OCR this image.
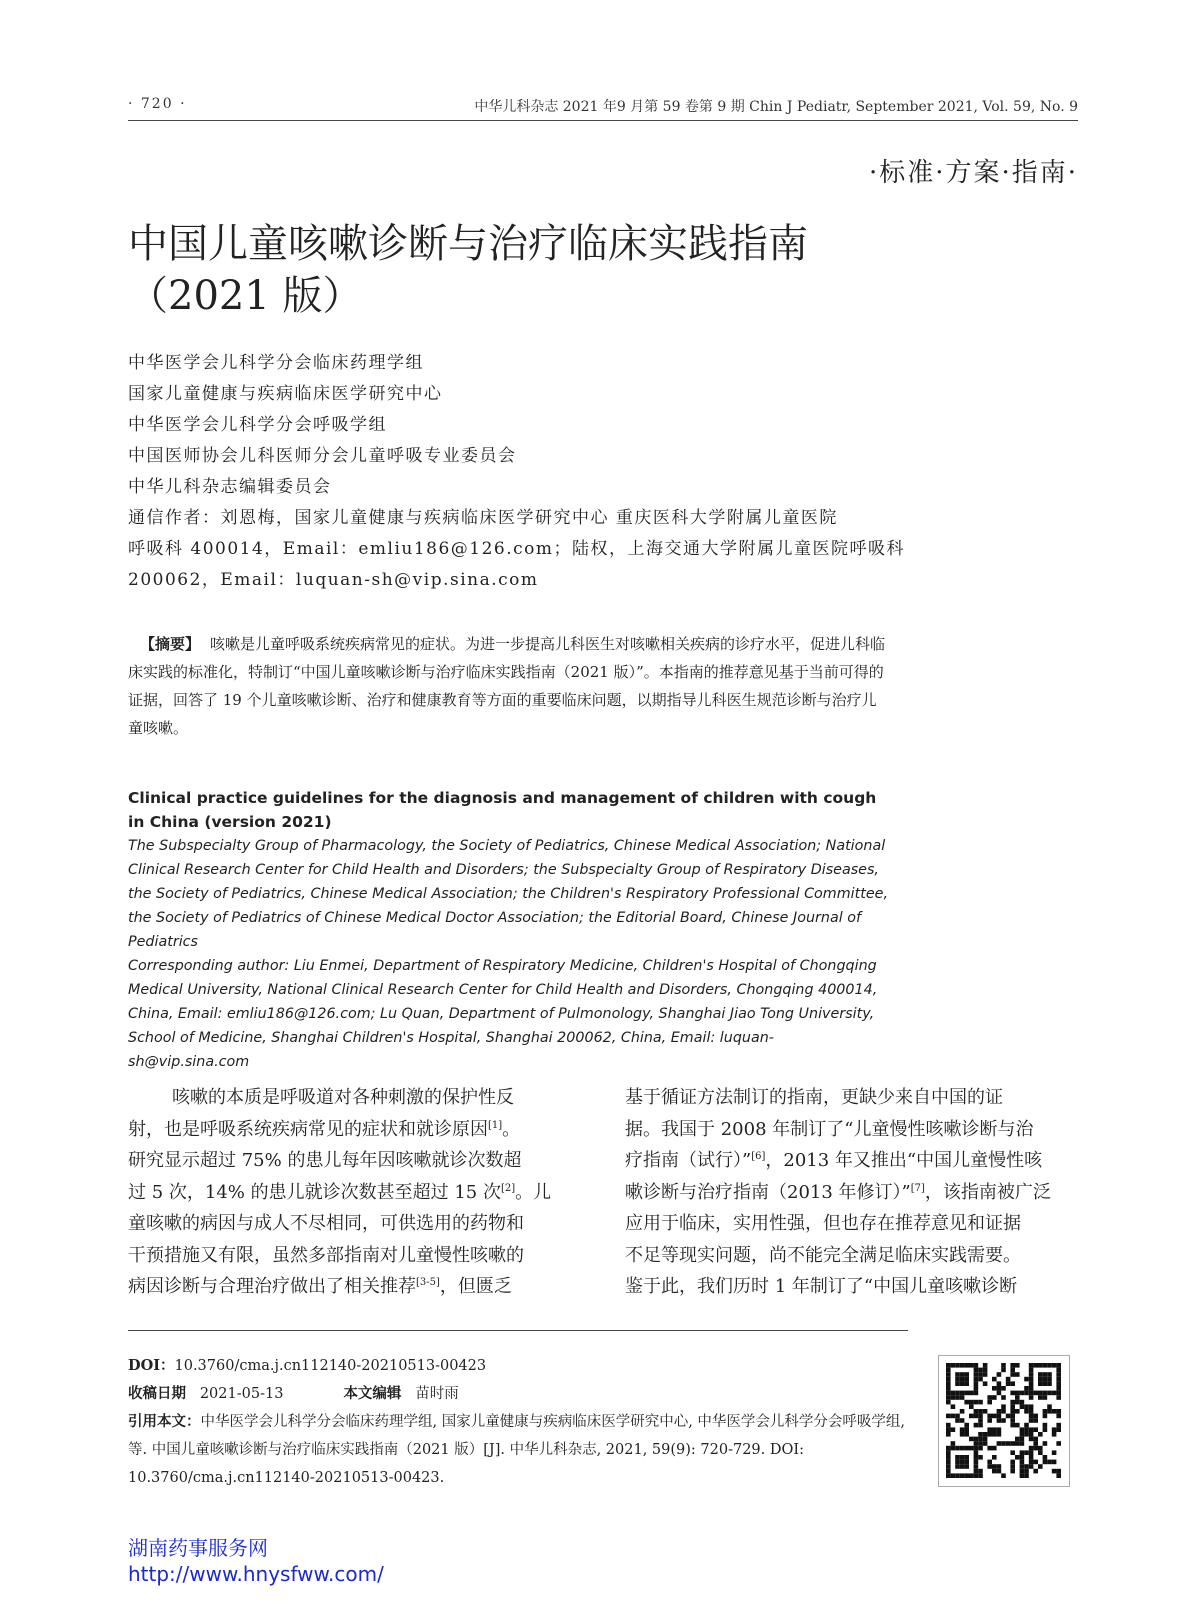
· 720 ·	中华儿科杂志 2021 年9 月第 59 卷第 9 期 Chin J Pediatr, September 2021, Vol. 59, No. 9
·标准·方案·指南·
中国儿童咳嗽诊断与治疗临床实践指南
（2021 版）
中华医学会儿科学分会临床药理学组
国家儿童健康与疾病临床医学研究中心
中华医学会儿科学分会呼吸学组
中国医师协会儿科医师分会儿童呼吸专业委员会
中华儿科杂志编辑委员会
通信作者：刘恩梅，国家儿童健康与疾病临床医学研究中心 重庆医科大学附属儿童医院
呼吸科 400014，Email：emliu186@126.com；陆权，上海交通大学附属儿童医院呼吸科
200062，Email：luquan-sh@vip.sina.com
【摘要】 咳嗽是儿童呼吸系统疾病常见的症状。为进一步提高儿科医生对咳嗽相关疾病的诊疗水平，促进儿科临床实践的标准化，特制订“中国儿童咳嗽诊断与治疗临床实践指南（2021 版）”。本指南的推荐意见基于当前可得的证据，回答了 19 个儿童咳嗽诊断、治疗和健康教育等方面的重要临床问题，以期指导儿科医生规范诊断与治疗儿童咳嗽。
Clinical practice guidelines for the diagnosis and management of children with cough in China (version 2021)
The Subspecialty Group of Pharmacology, the Society of Pediatrics, Chinese Medical Association; National Clinical Research Center for Child Health and Disorders; the Subspecialty Group of Respiratory Diseases, the Society of Pediatrics, Chinese Medical Association; the Children's Respiratory Professional Committee, the Society of Pediatrics of Chinese Medical Doctor Association; the Editorial Board, Chinese Journal of Pediatrics
Corresponding author: Liu Enmei, Department of Respiratory Medicine, Children's Hospital of Chongqing Medical University, National Clinical Research Center for Child Health and Disorders, Chongqing 400014, China, Email: emliu186@126.com; Lu Quan, Department of Pulmonology, Shanghai Jiao Tong University, School of Medicine, Shanghai Children's Hospital, Shanghai 200062, China, Email: luquan-sh@vip.sina.com
咳嗽的本质是呼吸道对各种刺激的保护性反
射，也是呼吸系统疾病常见的症状和就诊原因[1]。
研究显示超过 75% 的患儿每年因咳嗽就诊次数超
过 5 次，14% 的患儿就诊次数甚至超过 15 次[2]。儿
童咳嗽的病因与成人不尽相同，可供选用的药物和
干预措施又有限，虽然多部指南对儿童慢性咳嗽的
病因诊断与合理治疗做出了相关推荐[3-5]，但匮乏
基于循证方法制订的指南，更缺少来自中国的证
据。我国于 2008 年制订了“儿童慢性咳嗽诊断与治
疗指南（试行）”[6]，2013 年又推出“中国儿童慢性咳
嗽诊断与治疗指南（2013 年修订）”[7]，该指南被广泛
应用于临床，实用性强，但也存在推荐意见和证据
不足等现实问题，尚不能完全满足临床实践需要。
鉴于此，我们历时 1 年制订了“中国儿童咳嗽诊断
DOI：10.3760/cma.j.cn112140-20210513-00423
收稿日期 2021-05-13	本文编辑 苗时雨
引用本文：中华医学会儿科学分会临床药理学组, 国家儿童健康与疾病临床医学研究中心, 中华医学会儿科学分会呼吸学组, 等. 中国儿童咳嗽诊断与治疗临床实践指南（2021 版）[J]. 中华儿科杂志, 2021, 59(9): 720-729. DOI: 10.3760/cma.j.cn112140-20210513-00423.
湖南药事服务网
http://www.hnysfww.com/
